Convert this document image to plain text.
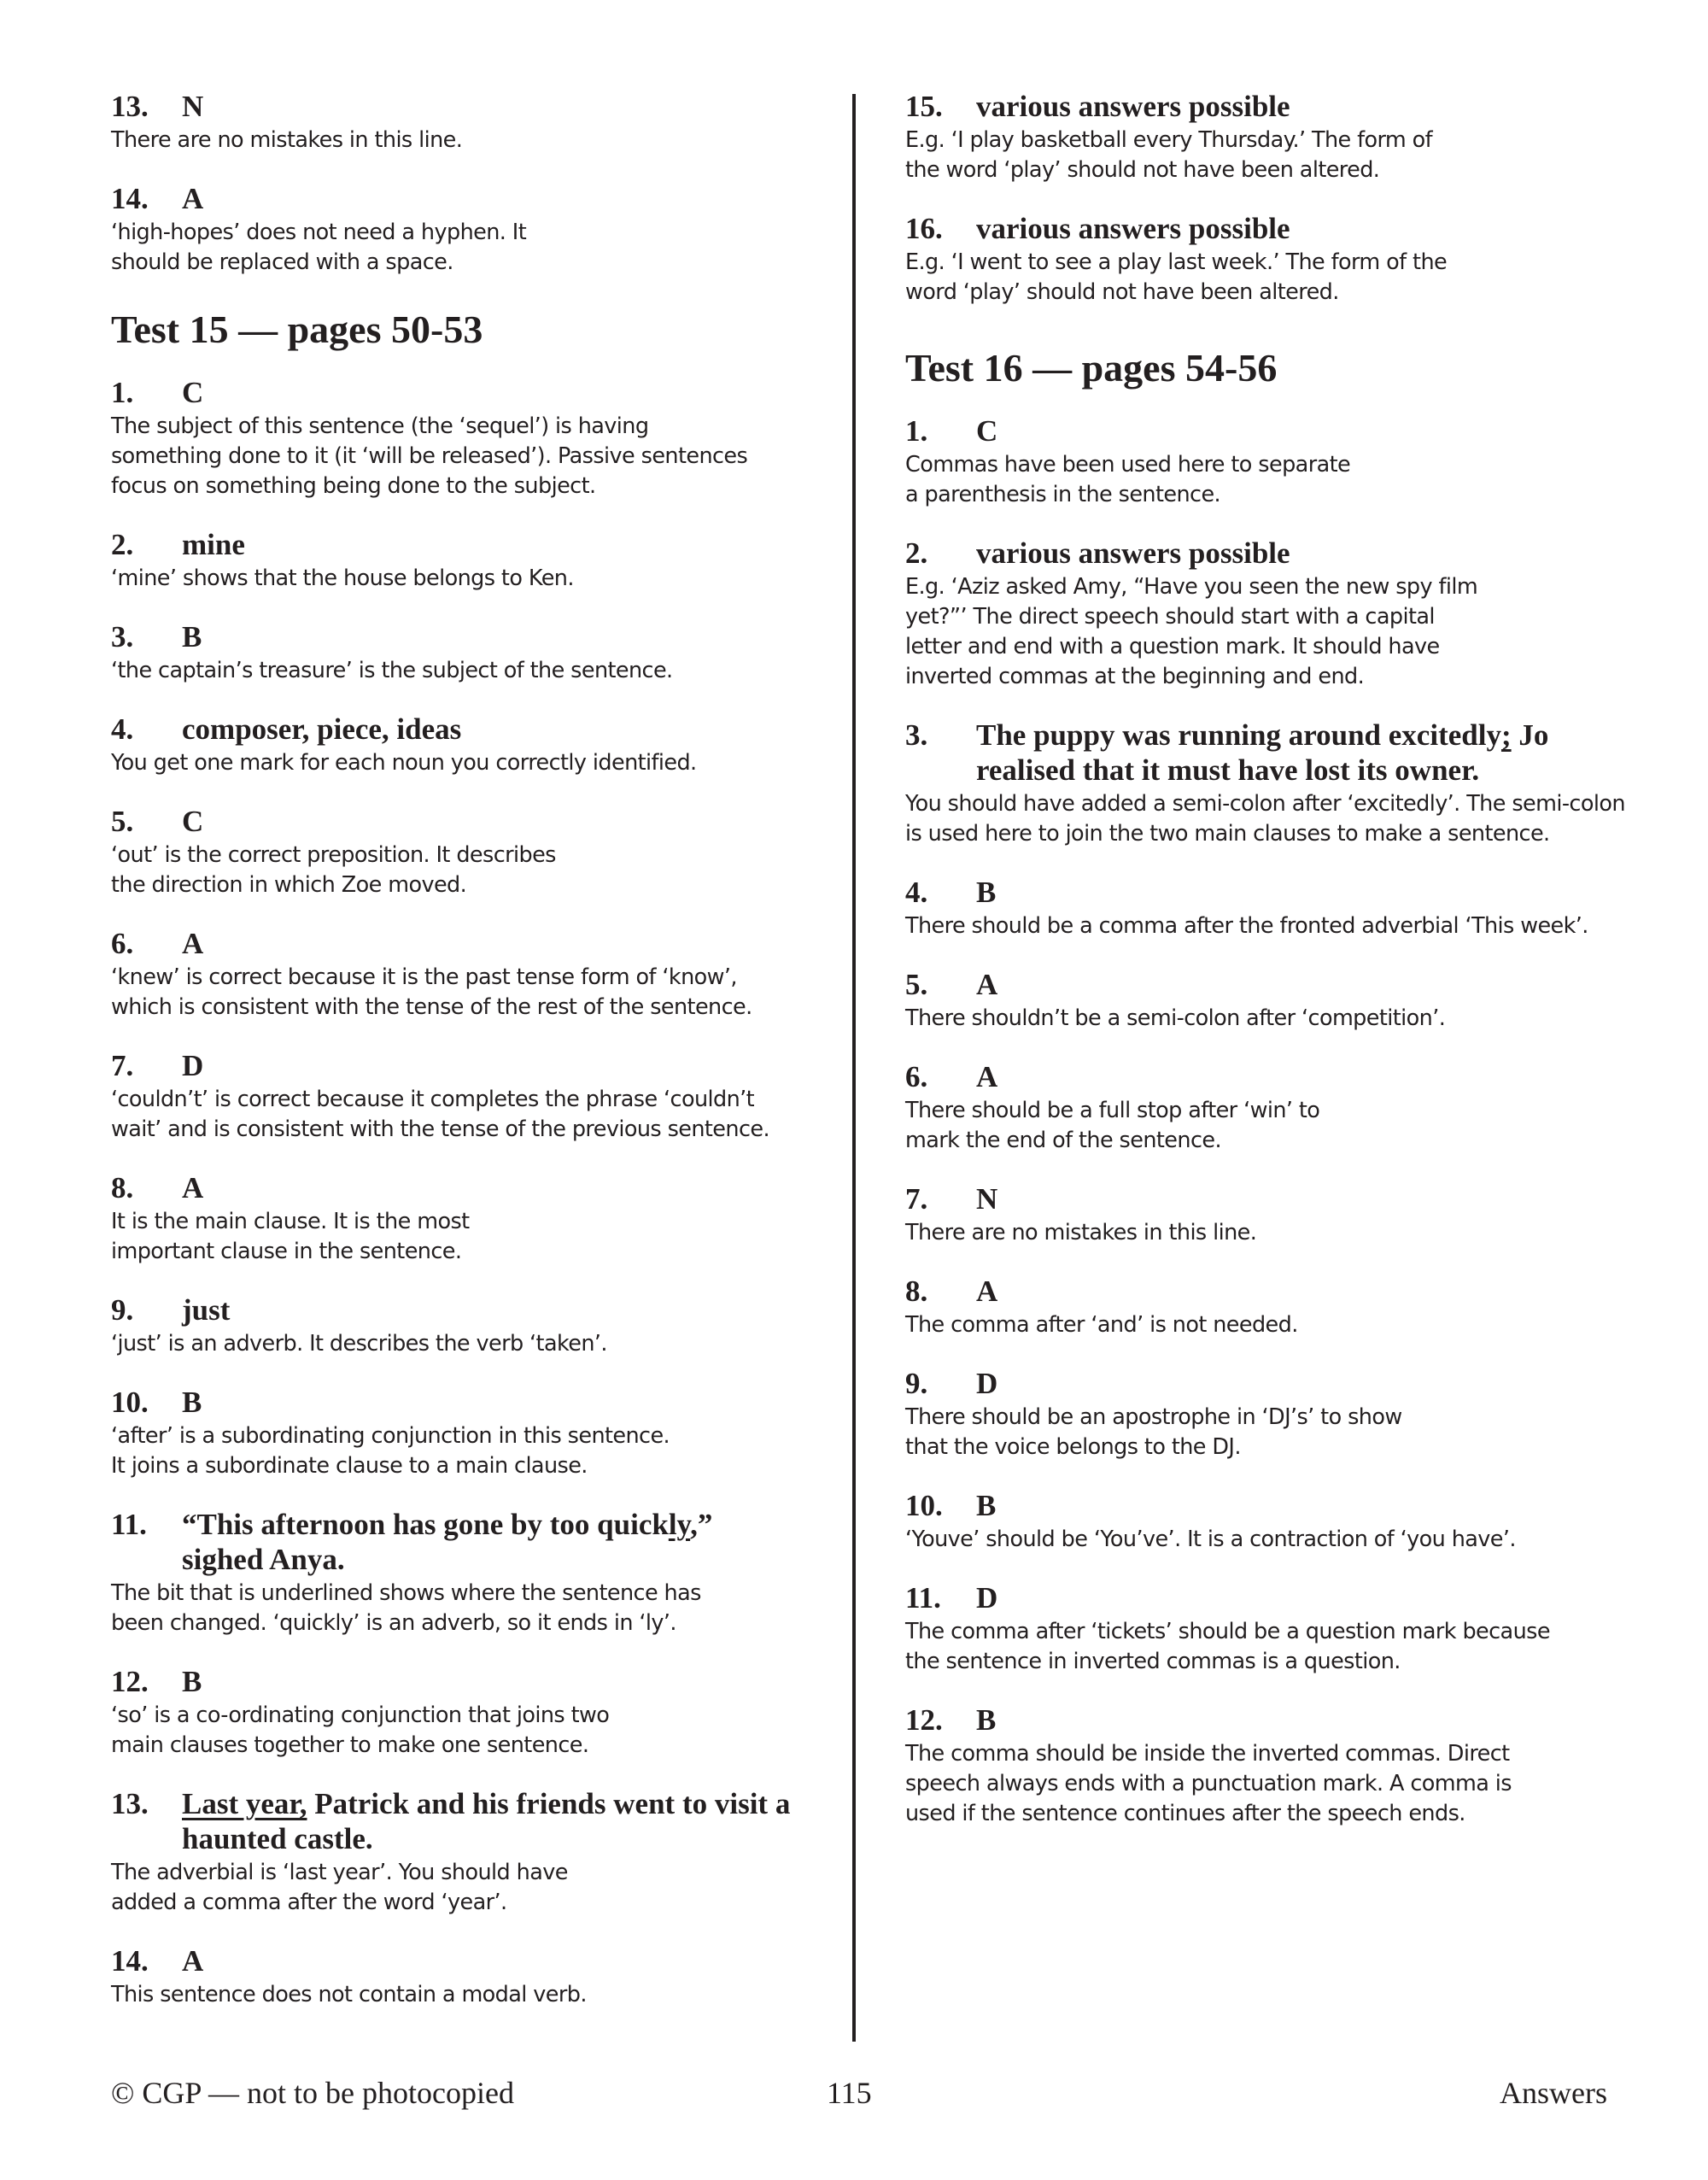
13.	N
There are no mistakes in this line.
14.	A
‘high-hopes’ does not need a hyphen. It
should be replaced with a space.
Test 15 — pages 50-53
1.	C
The subject of this sentence (the ‘sequel’) is having
something done to it (it ‘will be released’). Passive sentences
focus on something being done to the subject.
2.	mine
‘mine’ shows that the house belongs to Ken.
3.	B
‘the captain’s treasure’ is the subject of the sentence.
4.	composer, piece, ideas
You get one mark for each noun you correctly identified.
5.	C
‘out’ is the correct preposition. It describes
the direction in which Zoe moved.
6.	A
‘knew’ is correct because it is the past tense form of ‘know’,
which is consistent with the tense of the rest of the sentence.
7.	D
‘couldn’t’ is correct because it completes the phrase ‘couldn’t
wait’ and is consistent with the tense of the previous sentence.
8.	A
It is the main clause. It is the most
important clause in the sentence.
9.	just
‘just’ is an adverb. It describes the verb ‘taken’.
10.	B
‘after’ is a subordinating conjunction in this sentence.
It joins a subordinate clause to a main clause.
11.	“This afternoon has gone by too quickly,”
sighed Anya.
The bit that is underlined shows where the sentence has
been changed. ‘quickly’ is an adverb, so it ends in ‘ly’.
12.	B
‘so’ is a co-ordinating conjunction that joins two
main clauses together to make one sentence.
13.	Last year, Patrick and his friends went to visit a
haunted castle.
The adverbial is ‘last year’. You should have
added a comma after the word ‘year’.
14.	A
This sentence does not contain a modal verb.
15.	various answers possible
E.g. ‘I play basketball every Thursday.’ The form of
the word ‘play’ should not have been altered.
16.	various answers possible
E.g. ‘I went to see a play last week.’ The form of the
word ‘play’ should not have been altered.
Test 16 — pages 54-56
1.	C
Commas have been used here to separate
a parenthesis in the sentence.
2.	various answers possible
E.g. ‘Aziz asked Amy, “Have you seen the new spy film
yet?”’ The direct speech should start with a capital
letter and end with a question mark. It should have
inverted commas at the beginning and end.
3.	The puppy was running around excitedly; Jo
realised that it must have lost its owner.
You should have added a semi-colon after ‘excitedly’. The semi-colon
is used here to join the two main clauses to make a sentence.
4.	B
There should be a comma after the fronted adverbial ‘This week’.
5.	A
There shouldn’t be a semi-colon after ‘competition’.
6.	A
There should be a full stop after ‘win’ to
mark the end of the sentence.
7.	N
There are no mistakes in this line.
8.	A
The comma after ‘and’ is not needed.
9.	D
There should be an apostrophe in ‘DJ’s’ to show
that the voice belongs to the DJ.
10.	B
‘Youve’ should be ‘You’ve’. It is a contraction of ‘you have’.
11.	D
The comma after ‘tickets’ should be a question mark because
the sentence in inverted commas is a question.
12.	B
The comma should be inside the inverted commas. Direct
speech always ends with a punctuation mark. A comma is
used if the sentence continues after the speech ends.
© CGP — not to be photocopied	115	Answers
